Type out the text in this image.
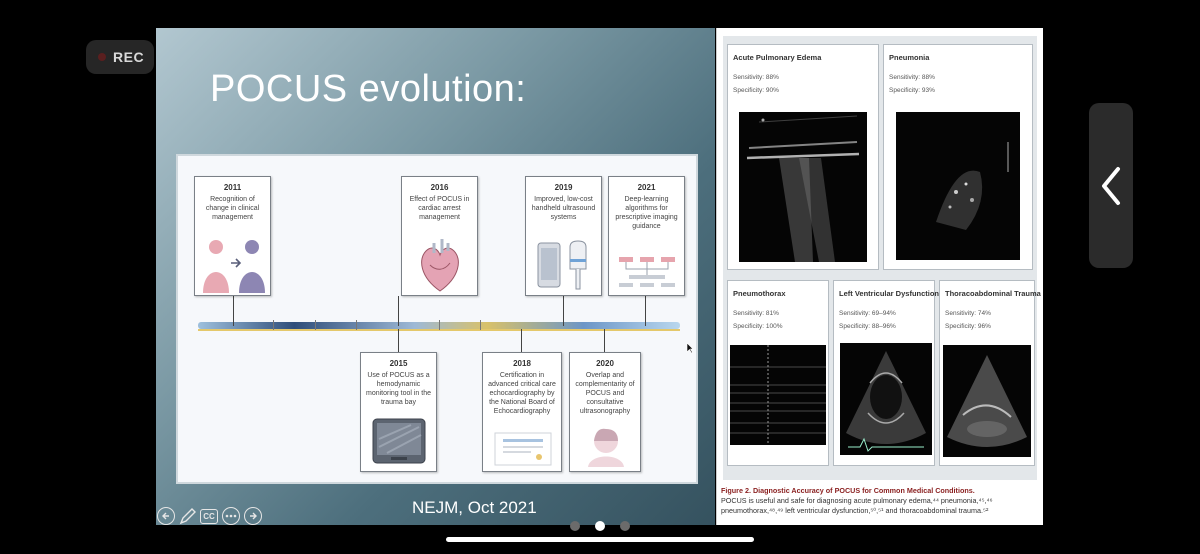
REC
POCUS evolution:
2011
Recognition of change in clinical management
2016
Effect of POCUS in cardiac arrest management
2019
Improved, low-cost handheld ultrasound systems
2021
Deep-learning algorithms for prescriptive imaging guidance
2015
Use of POCUS as a hemodynamic monitoring tool in the trauma bay
2018
Certification in advanced critical care echocardiography by the National Board of Echocardiography
2020
Overlap and complementarity of POCUS and consultative ultrasonography
NEJM, Oct 2021
CC
Acute Pulmonary Edema
Sensitivity: 88%
Specificity: 90%
Pneumonia
Sensitivity: 88%
Specificity: 93%
Pneumothorax
Sensitivity: 81%
Specificity: 100%
Left Ventricular Dysfunction
Sensitivity: 69–94%
Specificity: 88–96%
Thoracoabdominal Trauma
Sensitivity: 74%
Specificity: 96%
Figure 2. Diagnostic Accuracy of POCUS for Common Medical Conditions.
POCUS is useful and safe for diagnosing acute pulmonary edema,⁴⁴ pneumonia,⁴⁵,⁴⁶ pneumothorax,⁴⁸,⁴⁹ left ventricular dysfunction,⁵⁰,⁵¹ and thoracoabdominal trauma.⁵²
